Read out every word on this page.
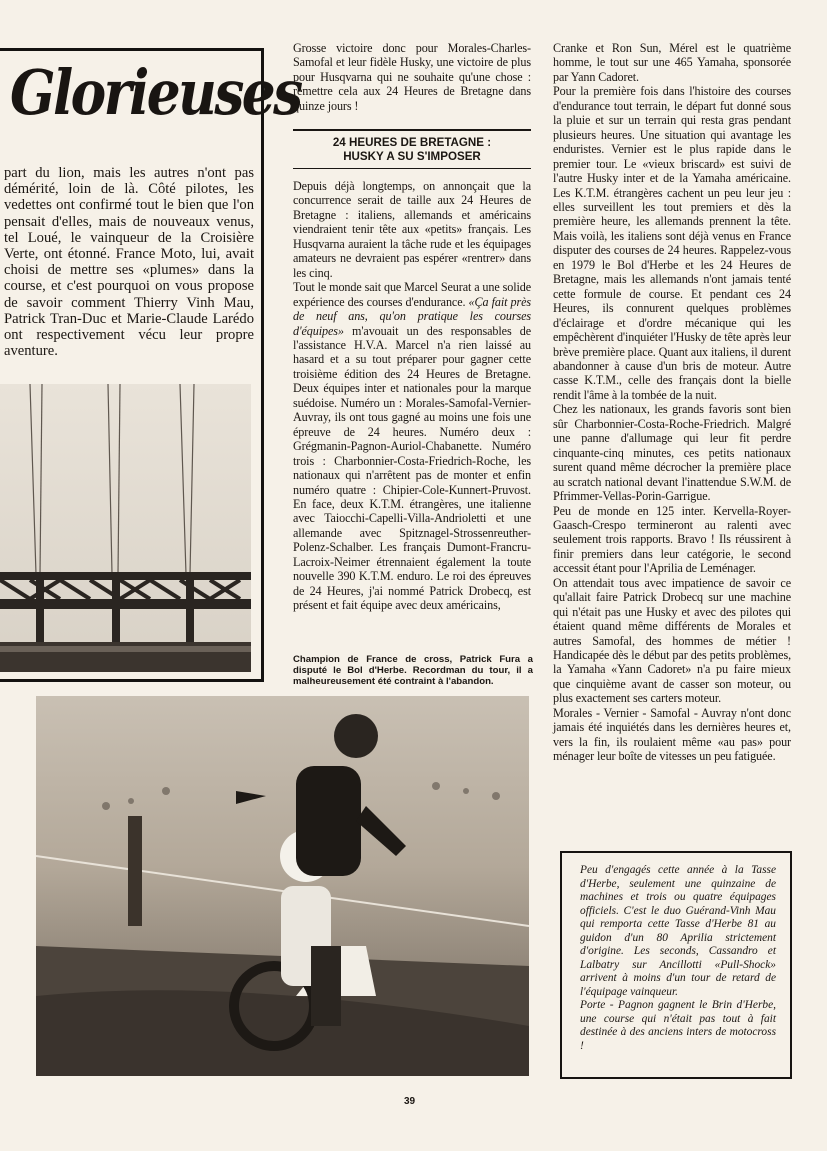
Glorieuses
part du lion, mais les autres n'ont pas démérité, loin de là. Côté pilotes, les vedettes ont confirmé tout le bien que l'on pensait d'elles, mais de nouveaux venus, tel Loué, le vainqueur de la Croisière Verte, ont étonné. France Moto, lui, avait choisi de mettre ses «plumes» dans la course, et c'est pourquoi on vous propose de savoir comment Thierry Vinh Mau, Patrick Tran-Duc et Marie-Claude Larédo ont respectivement vécu leur propre aventure.

Grosse victoire donc pour Morales-Charles-Samofal et leur fidèle Husky, une victoire de plus pour Husqvarna qui ne souhaite qu'une chose : remettre cela aux 24 Heures de Bretagne dans quinze jours !

24 HEURES DE BRETAGNE :
HUSKY A SU S'IMPOSER

Depuis déjà longtemps, on annonçait que la concurrence serait de taille aux 24 Heures de Bretagne : italiens, allemands et américains viendraient tenir tête aux «petits» français. Les Husqvarna auraient la tâche rude et les équipages amateurs ne devraient pas espérer «rentrer» dans les cinq.

Tout le monde sait que Marcel Seurat a une solide expérience des courses d'endurance. «Ça fait près de neuf ans, qu'on pratique les courses d'équipes» m'avouait un des responsables de l'assistance H.V.A. Marcel n'a rien laissé au hasard et a su tout préparer pour gagner cette troisième édition des 24 Heures de Bretagne. Deux équipes inter et nationales pour la marque suédoise. Numéro un : Morales-Samofal-Vernier-Auvray, ils ont tous gagné au moins une fois une épreuve de 24 heures. Numéro deux : Grégmanin-Pagnon-Auriol-Chabanette. Numéro trois : Charbonnier-Costa-Friedrich-Roche, les nationaux qui n'arrêtent pas de monter et enfin numéro quatre : Chipier-Cole-Kunnert-Pruvost. En face, deux K.T.M. étrangères, une italienne avec Taiocchi-Capelli-Villa-Andrioletti et une allemande avec Spitznagel-Strossenreuther-Polenz-Schalber. Les français Dumont-Francru-Lacroix-Neimer étrennaient également la toute nouvelle 390 K.T.M. enduro. Le roi des épreuves de 24 Heures, j'ai nommé Patrick Drobecq, est présent et fait équipe avec deux américains,

Champion de France de cross, Patrick Fura a disputé le Bol d'Herbe. Recordman du tour, il a malheureusement été contraint à l'abandon.

Cranke et Ron Sun, Mérel est le quatrième homme, le tout sur une 465 Yamaha, sponsorée par Yann Cadoret.

Pour la première fois dans l'histoire des courses d'endurance tout terrain, le départ fut donné sous la pluie et sur un terrain qui resta gras pendant plusieurs heures. Une situation qui avantage les enduristes. Vernier est le plus rapide dans le premier tour. Le «vieux briscard» est suivi de l'autre Husky inter et de la Yamaha américaine. Les K.T.M. étrangères cachent un peu leur jeu : elles surveillent les tout premiers et dès la première heure, les allemands prennent la tête. Mais voilà, les italiens sont déjà venus en France disputer des courses de 24 heures. Rappelez-vous en 1979 le Bol d'Herbe et les 24 Heures de Bretagne, mais les allemands n'ont jamais tenté cette formule de course. Et pendant ces 24 Heures, ils connurent quelques problèmes d'éclairage et d'ordre mécanique qui les empêchèrent d'inquiéter l'Husky de tête après leur brève première place. Quant aux italiens, il durent abandonner à cause d'un bris de moteur. Autre casse K.T.M., celle des français dont la bielle rendit l'âme à la tombée de la nuit.

Chez les nationaux, les grands favoris sont bien sûr Charbonnier-Costa-Roche-Friedrich. Malgré une panne d'allumage qui leur fit perdre cinquante-cinq minutes, ces petits nationaux surent quand même décrocher la première place au scratch national devant l'inattendue S.W.M. de Pfrimmer-Vellas-Porin-Garrigue.

Peu de monde en 125 inter. Kervella-Royer-Gaasch-Crespo termineront au ralenti avec seulement trois rapports. Bravo ! Ils réussirent à finir premiers dans leur catégorie, le second accessit étant pour l'Aprilia de Leménager.

On attendait tous avec impatience de savoir ce qu'allait faire Patrick Drobecq sur une machine qui n'était pas une Husky et avec des pilotes qui étaient quand même différents de Morales et autres Samofal, des hommes de métier ! Handicapée dès le début par des petits problèmes, la Yamaha «Yann Cadoret» n'a pu faire mieux que cinquième avant de casser son moteur, ou plus exactement ses carters moteur.

Morales - Vernier - Samofal - Auvray n'ont donc jamais été inquiétés dans les dernières heures et, vers la fin, ils roulaient même «au pas» pour ménager leur boîte de vitesses un peu fatiguée.

Peu d'engagés cette année à la Tasse d'Herbe, seulement une quinzaine de machines et trois ou quatre équipages officiels. C'est le duo Guérand-Vinh Mau qui remporta cette Tasse d'Herbe 81 au guidon d'un 80 Aprilia strictement d'origine. Les seconds, Cassandro et Lalbatry sur Ancillotti «Pull-Shock» arrivent à moins d'un tour de retard de l'équipage vainqueur.

Porte - Pagnon gagnent le Brin d'Herbe, une course qui n'était pas tout à fait destinée à des anciens inters de motocross !

39
